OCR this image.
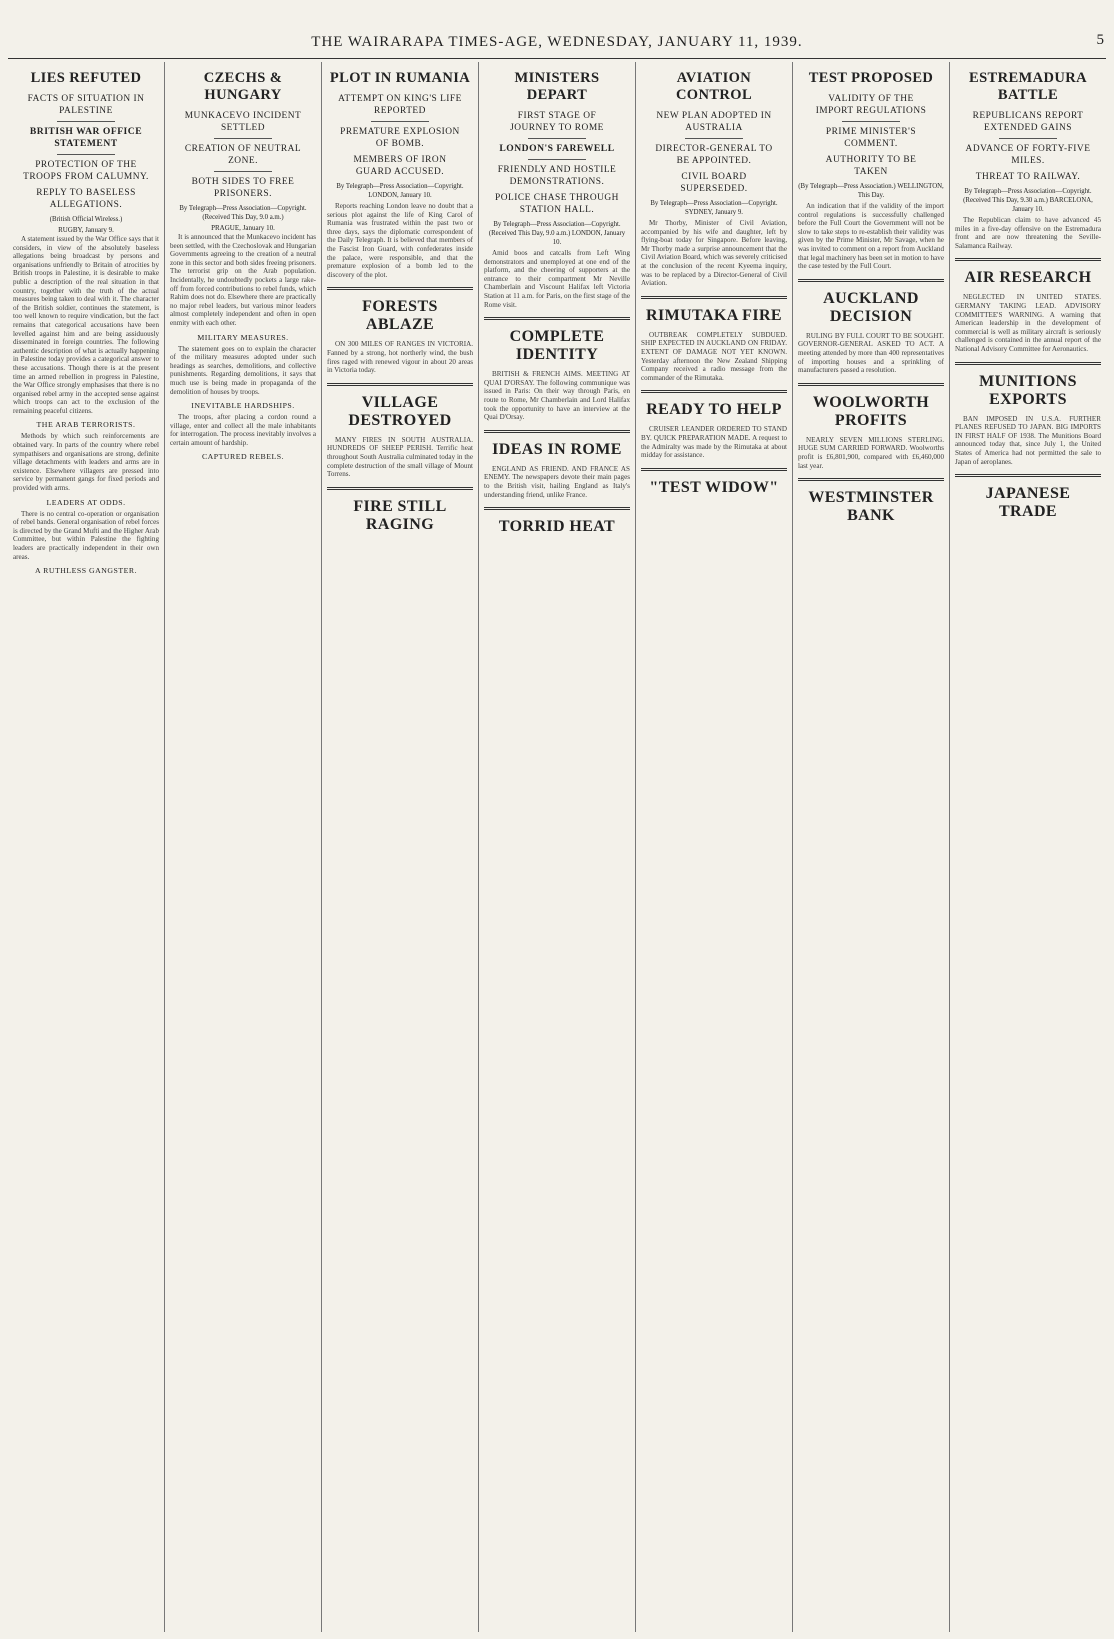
THE WAIRARAPA TIMES-AGE, WEDNESDAY, JANUARY 11, 1939.	5
LIES REFUTED
FACTS OF SITUATION IN PALESTINE
BRITISH WAR OFFICE STATEMENT
PROTECTION OF THE TROOPS FROM CALUMNY.
REPLY TO BASELESS ALLEGATIONS.
(British Official Wireless.)
RUGBY, January 9.

A statement issued by the War Office says that it considers, in view of the absolutely baseless allegations being broadcast by persons and organisations unfriendly to Britain of atrocities by British troops in Palestine, it is desirable to make public a description of the real situation in that country, together with the truth of the actual measures being taken to deal with it. The character of the British soldier, continues the statement, is too well known to require vindication, but the fact remains that categorical accusations have been levelled against him and are being assiduously disseminated in foreign countries. The following authentic description of what is actually happening in Palestine today provides a categorical answer to these accusations. Though there is at the present time an armed rebellion in progress in Palestine, the War Office strongly emphasises that there is no organised rebel army in the accepted sense against which troops can act to the exclusion of the remaining peaceful citizens.

THE ARAB TERRORISTS.

Methods by which such reinforcements are obtained vary. In parts of the country where rebel sympathisers and organisations are strong, definite village detachments with leaders and arms are in existence. Elsewhere villagers are pressed into service by permanent gangs for fixed periods and provided with arms.

LEADERS AT ODDS.

There is no central co-operation or organisation of rebel bands. General organisation of rebel forces is directed by the Grand Mufti and the Higher Arab Committee, but within Palestine the fighting leaders are practically independent in their own areas.

A RUTHLESS GANGSTER.
CZECHS & HUNGARY
MUNKACEVO INCIDENT SETTLED
CREATION OF NEUTRAL ZONE.
BOTH SIDES TO FREE PRISONERS.
By Telegraph—Press Association—Copyright. (Received This Day, 9.0 a.m.)
PRAGUE, January 10.

It is announced that the Munkacevo incident has been settled, with the Czechoslovak and Hungarian Governments agreeing to the creation of a neutral zone in this sector and both sides freeing prisoners. The terrorist grip on the Arab population. Incidentally, he undoubtedly pockets a large rake-off from forced contributions to rebel funds, which Rahim does not do. Elsewhere there are practically no major rebel leaders, but various minor leaders almost completely independent and often in open enmity with each other.

MILITARY MEASURES.

The statement goes on to explain the character of the military measures adopted under such headings as searches, demolitions, and collective punishments. Regarding demolitions, it says that much use is being made in propaganda of the demolition of houses by troops.

INEVITABLE HARDSHIPS.

The troops, after placing a cordon round a village, enter and collect all the male inhabitants for interrogation. The process inevitably involves a certain amount of hardship.

CAPTURED REBELS.
PLOT IN RUMANIA
ATTEMPT ON KING'S LIFE REPORTED
PREMATURE EXPLOSION OF BOMB.
MEMBERS OF IRON GUARD ACCUSED.
By Telegraph—Press Association—Copyright. LONDON, January 10.

Reports reaching London leave no doubt that a serious plot against the life of King Carol of Rumania was frustrated within the past two or three days, says the diplomatic correspondent of the Daily Telegraph. It is believed that members of the Fascist Iron Guard, with confederates inside the palace, were responsible, and that the premature explosion of a bomb led to the discovery of the plot.

FORESTS ABLAZE

ON 300 MILES OF RANGES IN VICTORIA. Fanned by a strong, hot northerly wind, the bush fires raged with renewed vigour in about 20 areas in Victoria today.

VILLAGE DESTROYED

MANY FIRES IN SOUTH AUSTRALIA. HUNDREDS OF SHEEP PERISH. Terrific heat throughout South Australia culminated today in the complete destruction of the small village of Mount Torrens.

FIRE STILL RAGING
MINISTERS DEPART
FIRST STAGE OF JOURNEY TO ROME
LONDON'S FAREWELL
FRIENDLY AND HOSTILE DEMONSTRATIONS.
POLICE CHASE THROUGH STATION HALL.
By Telegraph—Press Association—Copyright. (Received This Day, 9.0 a.m.) LONDON, January 10.

Amid boos and catcalls from Left Wing demonstrators and unemployed at one end of the platform, and the cheering of supporters at the entrance to their compartment Mr Neville Chamberlain and Viscount Halifax left Victoria Station at 11 a.m. for Paris, on the first stage of the Rome visit.

COMPLETE IDENTITY

BRITISH & FRENCH AIMS. MEETING AT QUAI D'ORSAY. The following communique was issued in Paris: On their way through Paris, en route to Rome, Mr Chamberlain and Lord Halifax took the opportunity to have an interview at the Quai D'Orsay.

IDEAS IN ROME

ENGLAND AS FRIEND. AND FRANCE AS ENEMY. The newspapers devote their main pages to the British visit, hailing England as Italy's understanding friend, unlike France.

TORRID HEAT
AVIATION CONTROL
NEW PLAN ADOPTED IN AUSTRALIA
DIRECTOR-GENERAL TO BE APPOINTED.
CIVIL BOARD SUPERSEDED.
By Telegraph—Press Association—Copyright. SYDNEY, January 9.

Mr Thorby, Minister of Civil Aviation, accompanied by his wife and daughter, left by flying-boat today for Singapore. Before leaving, Mr Thorby made a surprise announcement that the Civil Aviation Board, which was severely criticised at the conclusion of the recent Kyeema inquiry, was to be replaced by a Director-General of Civil Aviation.

RIMUTAKA FIRE

OUTBREAK COMPLETELY SUBDUED. SHIP EXPECTED IN AUCKLAND ON FRIDAY. EXTENT OF DAMAGE NOT YET KNOWN. Yesterday afternoon the New Zealand Shipping Company received a radio message from the commander of the Rimutaka.

READY TO HELP

CRUISER LEANDER ORDERED TO STAND BY. QUICK PREPARATION MADE. A request to the Admiralty was made by the Rimutaka at about midday for assistance.

"TEST WIDOW"
TEST PROPOSED
VALIDITY OF THE IMPORT REGULATIONS
PRIME MINISTER'S COMMENT.
AUTHORITY TO BE TAKEN
(By Telegraph—Press Association.) WELLINGTON, This Day.

An indication that if the validity of the import control regulations is successfully challenged before the Full Court the Government will not be slow to take steps to re-establish their validity was given by the Prime Minister, Mr Savage, when he was invited to comment on a report from Auckland that legal machinery has been set in motion to have the case tested by the Full Court.

AUCKLAND DECISION

RULING BY FULL COURT TO BE SOUGHT. GOVERNOR-GENERAL ASKED TO ACT. A meeting attended by more than 400 representatives of importing houses and a sprinkling of manufacturers passed a resolution.

WOOLWORTH PROFITS

NEARLY SEVEN MILLIONS STERLING. HUGE SUM CARRIED FORWARD. Woolworths profit is £6,801,900, compared with £6,460,000 last year.

WESTMINSTER BANK
ESTREMADURA BATTLE
REPUBLICANS REPORT EXTENDED GAINS
ADVANCE OF FORTY-FIVE MILES.
THREAT TO RAILWAY.
By Telegraph—Press Association—Copyright. (Received This Day, 9.30 a.m.) BARCELONA, January 10.

The Republican claim to have advanced 45 miles in a five-day offensive on the Estremadura front and are now threatening the Seville-Salamanca Railway.

AIR RESEARCH

NEGLECTED IN UNITED STATES. GERMANY TAKING LEAD. ADVISORY COMMITTEE'S WARNING. A warning that American leadership in the development of commercial is well as military aircraft is seriously challenged is contained in the annual report of the National Advisory Committee for Aeronautics.

MUNITIONS EXPORTS

BAN IMPOSED IN U.S.A. FURTHER PLANES REFUSED TO JAPAN. BIG IMPORTS IN FIRST HALF OF 1938. The Munitions Board announced today that, since July 1, the United States of America had not permitted the sale to Japan of aeroplanes.

JAPANESE TRADE
